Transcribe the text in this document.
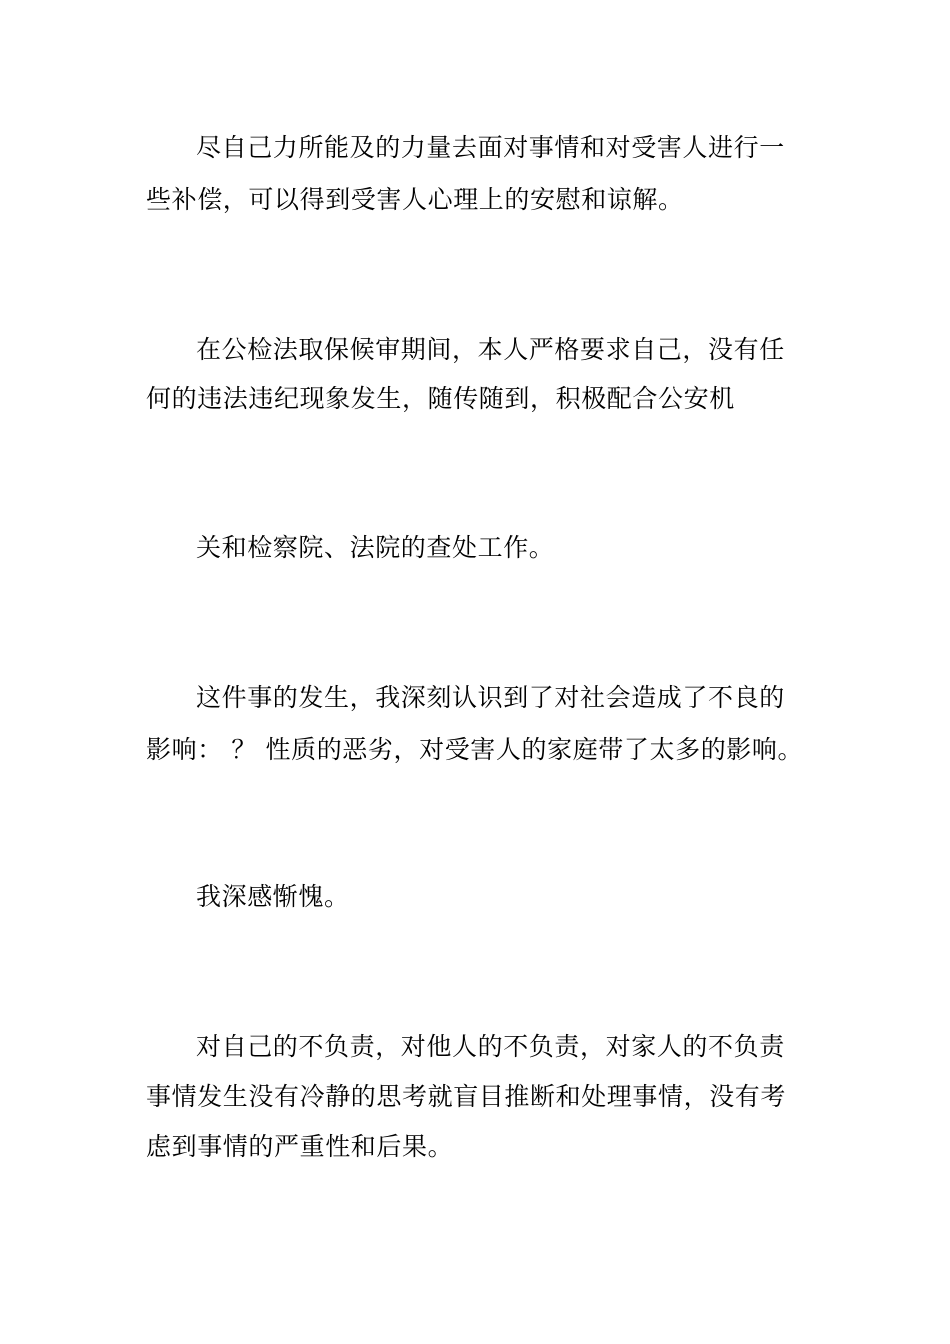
尽自己力所能及的力量去面对事情和对受害人进行一
些补偿，可以得到受害人心理上的安慰和谅解。
在公检法取保候审期间，本人严格要求自己，没有任
何的违法违纪现象发生，随传随到，积极配合公安机
关和检察院、法院的查处工作。
这件事的发生，我深刻认识到了对社会造成了不良的
影响： ？ 性质的恶劣，对受害人的家庭带了太多的影响。
我深感惭愧。
对自己的不负责，对他人的不负责，对家人的不负责
事情发生没有冷静的思考就盲目推断和处理事情，没有考
虑到事情的严重性和后果。
